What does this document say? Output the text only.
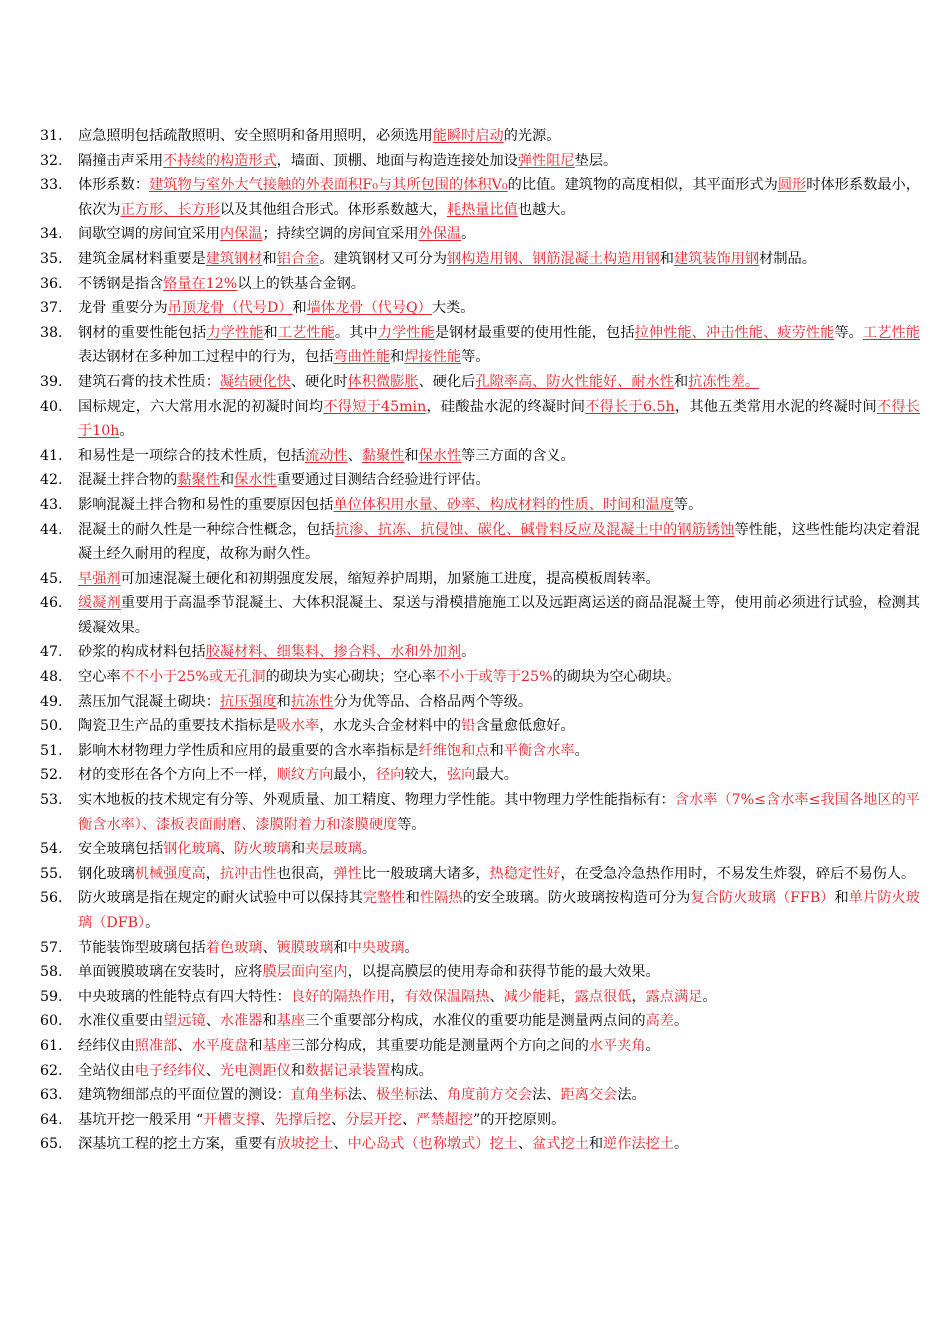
31.	应急照明包括疏散照明、安全照明和备用照明，必须选用能瞬时启动的光源。
32.	隔撞击声采用不持续的构造形式，墙面、顶棚、地面与构造连接处加设弹性阻尼垫层。
33.	体形系数：建筑物与室外大气接触的外表面积F₀与其所包围的体积V₀的比值。建筑物的高度相似，其平面形式为圆形时体形系数最小，依次为正方形、长方形以及其他组合形式。体形系数越大，耗热量比值也越大。
34.	间歇空调的房间宜采用内保温；持续空调的房间宜采用外保温。
35.	建筑金属材料重要是建筑钢材和铝合金。建筑钢材又可分为钢构造用钢、钢筋混凝土构造用钢和建筑装饰用钢材制品。
36.	不锈钢是指含铬量在12%以上的铁基合金钢。
37.	龙骨 重要分为吊顶龙骨（代号D）和墙体龙骨（代号Q）大类。
38.	钢材的重要性能包括力学性能和工艺性能。其中力学性能是钢材最重要的使用性能，包括拉伸性能、冲击性能、疲劳性能等。工艺性能表达钢材在多种加工过程中的行为，包括弯曲性能和焊接性能等。
39.	建筑石膏的技术性质：凝结硬化快、硬化时体积微膨胀、硬化后孔隙率高、防火性能好、耐水性和抗冻性差。
40.	国标规定，六大常用水泥的初凝时间均不得短于45min，硅酸盐水泥的终凝时间不得长于6.5h，其他五类常用水泥的终凝时间不得长于10h。
41.	和易性是一项综合的技术性质，包括流动性、黏聚性和保水性等三方面的含义。
42.	混凝土拌合物的黏聚性和保水性重要通过目测结合经验进行评估。
43.	影响混凝土拌合物和易性的重要原因包括单位体积用水量、砂率、构成材料的性质、时间和温度等。
44.	混凝土的耐久性是一种综合性概念，包括抗渗、抗冻、抗侵蚀、碳化、碱骨料反应及混凝土中的钢筋锈蚀等性能，这些性能均决定着混凝土经久耐用的程度，故称为耐久性。
45.	早强剂可加速混凝土硬化和初期强度发展，缩短养护周期，加紧施工进度，提高模板周转率。
46.	缓凝剂重要用于高温季节混凝土、大体积混凝土、泵送与滑模措施施工以及远距离运送的商品混凝土等，使用前必须进行试验，检测其缓凝效果。
47.	砂浆的构成材料包括胶凝材料、细集料、掺合料、水和外加剂。
48.	空心率不不小于25%或无孔洞的砌块为实心砌块；空心率不小于或等于25%的砌块为空心砌块。
49.	蒸压加气混凝土砌块：抗压强度和抗冻性分为优等品、合格品两个等级。
50.	陶瓷卫生产品的重要技术指标是吸水率，水龙头合金材料中的铅含量愈低愈好。
51.	影响木材物理力学性质和应用的最重要的含水率指标是纤维饱和点和平衡含水率。
52.	材的变形在各个方向上不一样，顺纹方向最小，径向较大，弦向最大。
53.	实木地板的技术规定有分等、外观质量、加工精度、物理力学性能。其中物理力学性能指标有：含水率（7%≤含水率≤我国各地区的平衡含水率）、漆板表面耐磨、漆膜附着力和漆膜硬度等。
54.	安全玻璃包括钢化玻璃、防火玻璃和夹层玻璃。
55.	钢化玻璃机械强度高，抗冲击性也很高，弹性比一般玻璃大诸多，热稳定性好，在受急冷急热作用时，不易发生炸裂，碎后不易伤人。
56.	防火玻璃是指在规定的耐火试验中可以保持其完整性和性隔热的安全玻璃。防火玻璃按构造可分为复合防火玻璃（FFB）和单片防火玻璃（DFB）。
57.	节能装饰型玻璃包括着色玻璃、镀膜玻璃和中央玻璃。
58.	单面镀膜玻璃在安装时，应将膜层面向室内，以提高膜层的使用寿命和获得节能的最大效果。
59.	中央玻璃的性能特点有四大特性：良好的隔热作用，有效保温隔热、减少能耗，露点很低，露点满足。
60.	水准仪重要由望远镜、水准器和基座三个重要部分构成，水准仪的重要功能是测量两点间的高差。
61.	经纬仪由照准部、水平度盘和基座三部分构成，其重要功能是测量两个方向之间的水平夹角。
62.	全站仪由电子经纬仪、光电测距仪和数据记录装置构成。
63.	建筑物细部点的平面位置的测设：直角坐标法、极坐标法、角度前方交会法、距离交会法。
64.	基坑开挖一般采用 “开槽支撑、先撑后挖、分层开挖、严禁超挖”的开挖原则。
65.	深基坑工程的挖土方案，重要有放坡挖土、中心岛式（也称墩式）挖土、盆式挖土和逆作法挖土。
